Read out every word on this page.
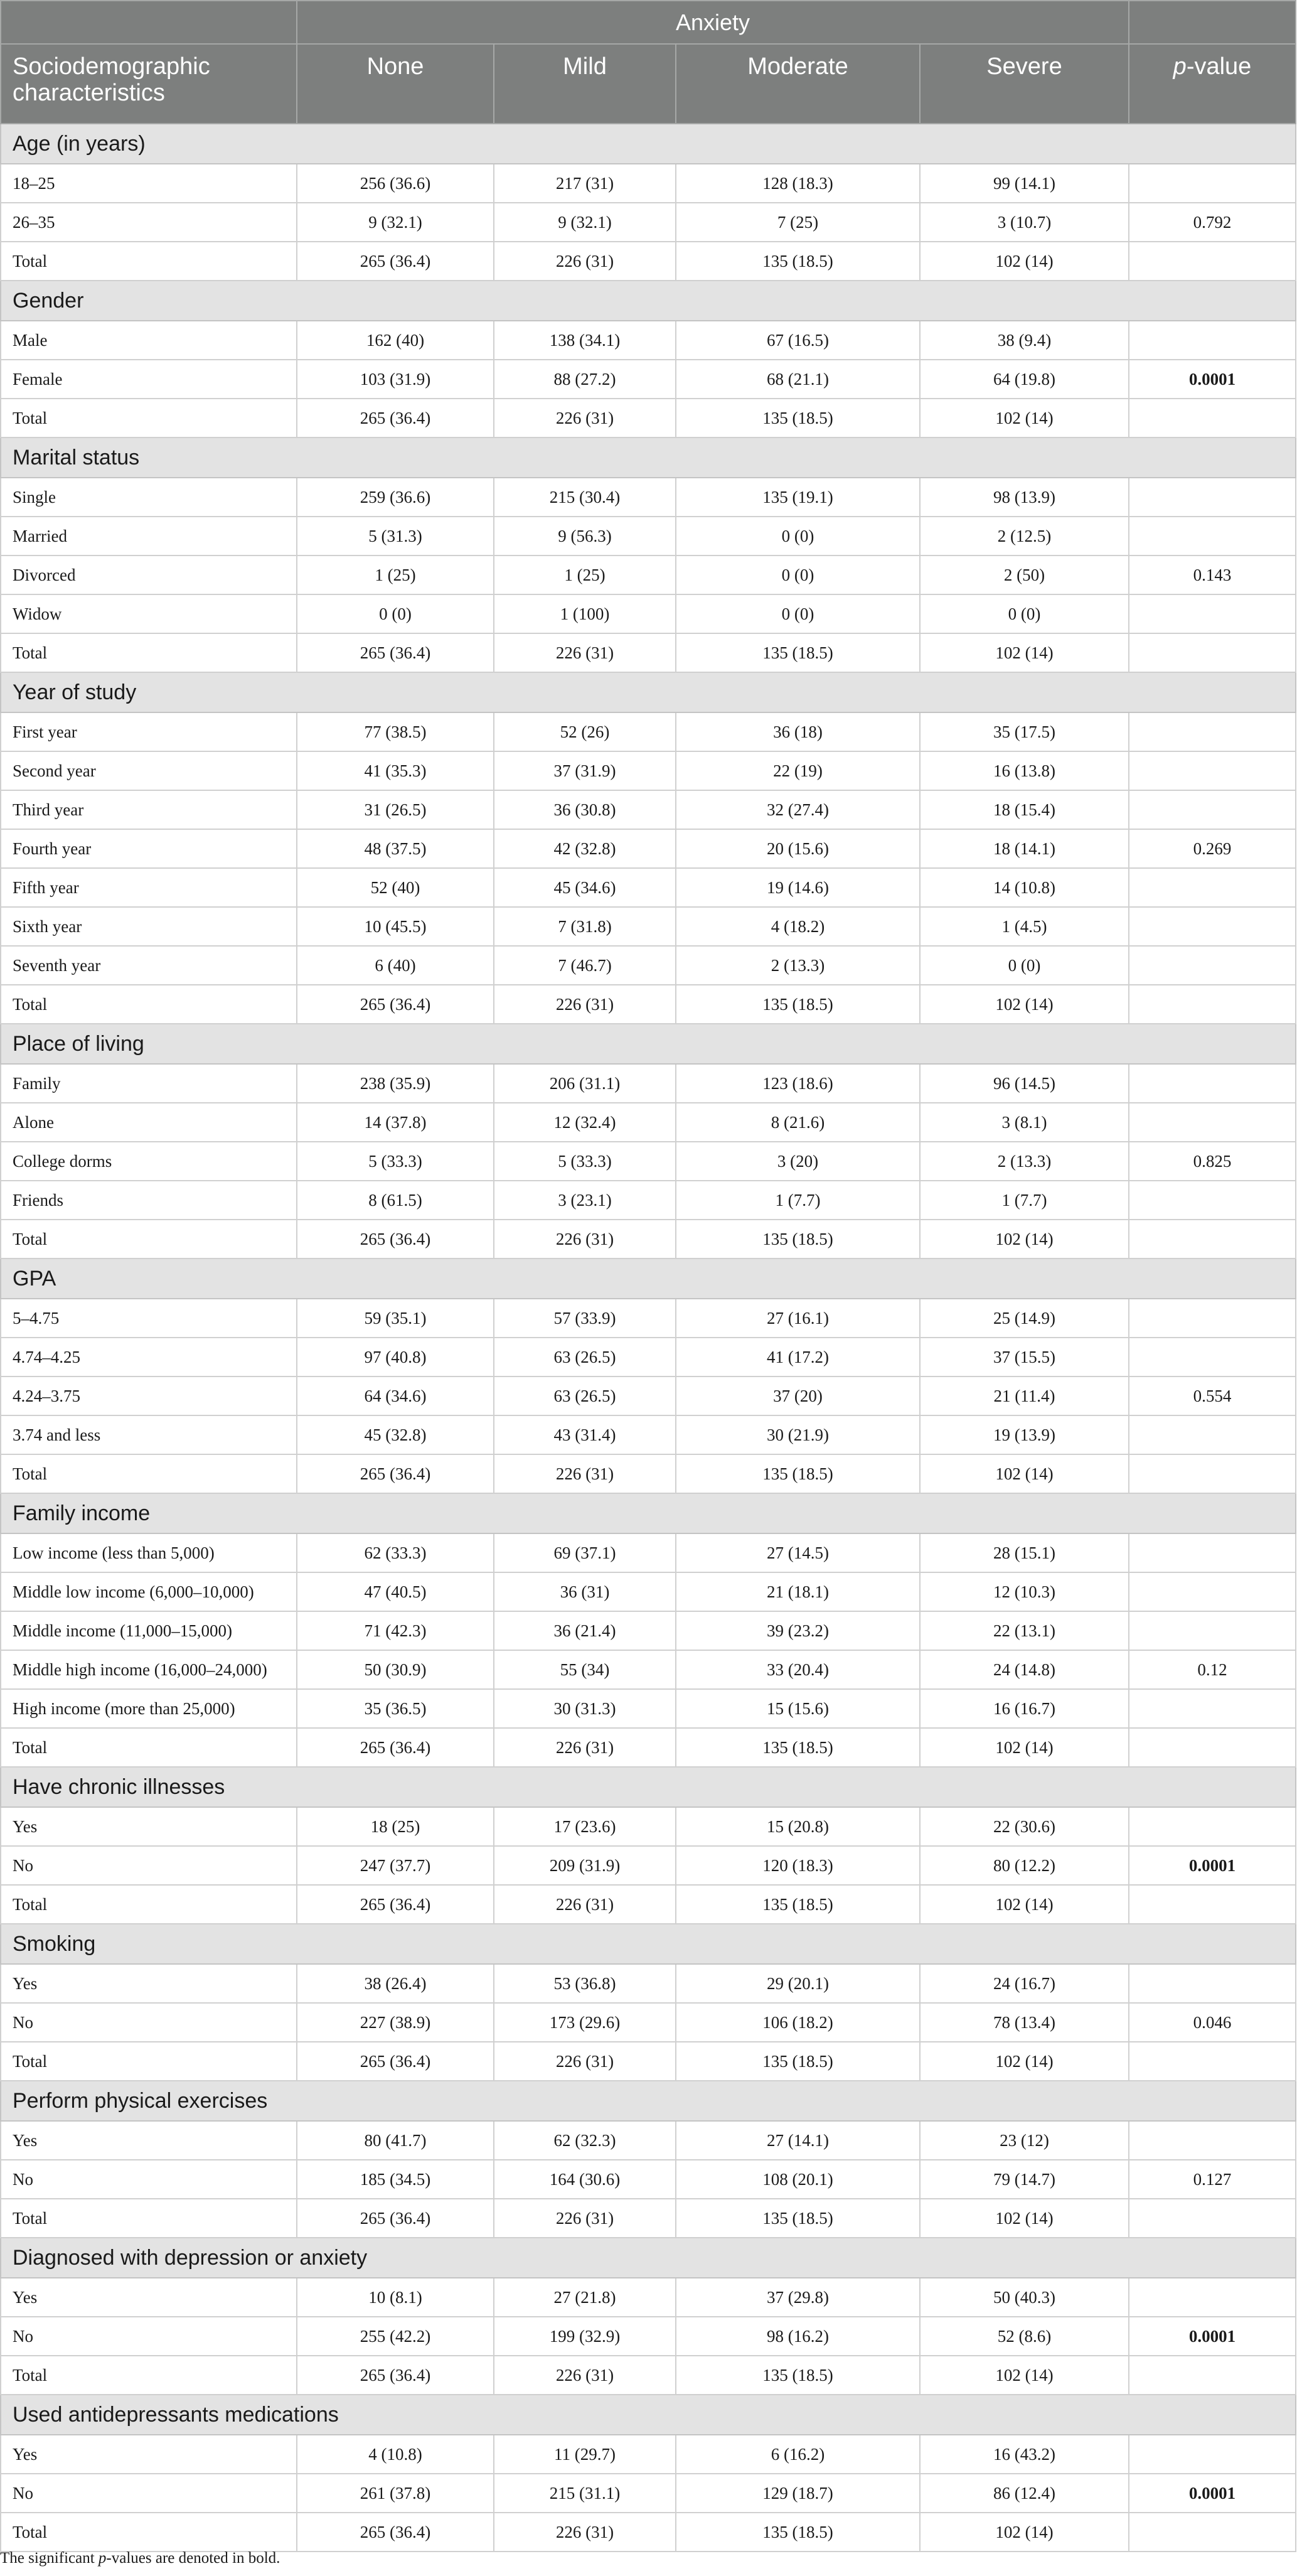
	Anxiety				
Sociodemographic characteristics	None	Mild	Moderate	Severe	p-value
Age (in years)					
18–25	256 (36.6)	217 (31)	128 (18.3)	99 (14.1)	
26–35	9 (32.1)	9 (32.1)	7 (25)	3 (10.7)	0.792
Total	265 (36.4)	226 (31)	135 (18.5)	102 (14)	
Gender					
Male	162 (40)	138 (34.1)	67 (16.5)	38 (9.4)	
Female	103 (31.9)	88 (27.2)	68 (21.1)	64 (19.8)	0.0001
Total	265 (36.4)	226 (31)	135 (18.5)	102 (14)	
Marital status					
Single	259 (36.6)	215 (30.4)	135 (19.1)	98 (13.9)	
Married	5 (31.3)	9 (56.3)	0 (0)	2 (12.5)	
Divorced	1 (25)	1 (25)	0 (0)	2 (50)	0.143
Widow	0 (0)	1 (100)	0 (0)	0 (0)	
Total	265 (36.4)	226 (31)	135 (18.5)	102 (14)	
Year of study					
First year	77 (38.5)	52 (26)	36 (18)	35 (17.5)	
Second year	41 (35.3)	37 (31.9)	22 (19)	16 (13.8)	
Third year	31 (26.5)	36 (30.8)	32 (27.4)	18 (15.4)	
Fourth year	48 (37.5)	42 (32.8)	20 (15.6)	18 (14.1)	0.269
Fifth year	52 (40)	45 (34.6)	19 (14.6)	14 (10.8)	
Sixth year	10 (45.5)	7 (31.8)	4 (18.2)	1 (4.5)	
Seventh year	6 (40)	7 (46.7)	2 (13.3)	0 (0)	
Total	265 (36.4)	226 (31)	135 (18.5)	102 (14)	
Place of living					
Family	238 (35.9)	206 (31.1)	123 (18.6)	96 (14.5)	
Alone	14 (37.8)	12 (32.4)	8 (21.6)	3 (8.1)	
College dorms	5 (33.3)	5 (33.3)	3 (20)	2 (13.3)	0.825
Friends	8 (61.5)	3 (23.1)	1 (7.7)	1 (7.7)	
Total	265 (36.4)	226 (31)	135 (18.5)	102 (14)	
GPA					
5–4.75	59 (35.1)	57 (33.9)	27 (16.1)	25 (14.9)	
4.74–4.25	97 (40.8)	63 (26.5)	41 (17.2)	37 (15.5)	
4.24–3.75	64 (34.6)	63 (26.5)	37 (20)	21 (11.4)	0.554
3.74 and less	45 (32.8)	43 (31.4)	30 (21.9)	19 (13.9)	
Total	265 (36.4)	226 (31)	135 (18.5)	102 (14)	
Family income					
Low income (less than 5,000)	62 (33.3)	69 (37.1)	27 (14.5)	28 (15.1)	
Middle low income (6,000–10,000)	47 (40.5)	36 (31)	21 (18.1)	12 (10.3)	
Middle income (11,000–15,000)	71 (42.3)	36 (21.4)	39 (23.2)	22 (13.1)	
Middle high income (16,000–24,000)	50 (30.9)	55 (34)	33 (20.4)	24 (14.8)	0.12
High income (more than 25,000)	35 (36.5)	30 (31.3)	15 (15.6)	16 (16.7)	
Total	265 (36.4)	226 (31)	135 (18.5)	102 (14)	
Have chronic illnesses					
Yes	18 (25)	17 (23.6)	15 (20.8)	22 (30.6)	
No	247 (37.7)	209 (31.9)	120 (18.3)	80 (12.2)	0.0001
Total	265 (36.4)	226 (31)	135 (18.5)	102 (14)	
Smoking					
Yes	38 (26.4)	53 (36.8)	29 (20.1)	24 (16.7)	
No	227 (38.9)	173 (29.6)	106 (18.2)	78 (13.4)	0.046
Total	265 (36.4)	226 (31)	135 (18.5)	102 (14)	
Perform physical exercises					
Yes	80 (41.7)	62 (32.3)	27 (14.1)	23 (12)	
No	185 (34.5)	164 (30.6)	108 (20.1)	79 (14.7)	0.127
Total	265 (36.4)	226 (31)	135 (18.5)	102 (14)	
Diagnosed with depression or anxiety					
Yes	10 (8.1)	27 (21.8)	37 (29.8)	50 (40.3)	
No	255 (42.2)	199 (32.9)	98 (16.2)	52 (8.6)	0.0001
Total	265 (36.4)	226 (31)	135 (18.5)	102 (14)	
Used antidepressants medications					
Yes	4 (10.8)	11 (29.7)	6 (16.2)	16 (43.2)	
No	261 (37.8)	215 (31.1)	129 (18.7)	86 (12.4)	0.0001
Total	265 (36.4)	226 (31)	135 (18.5)	102 (14)	
The significant p-values are denoted in bold.
